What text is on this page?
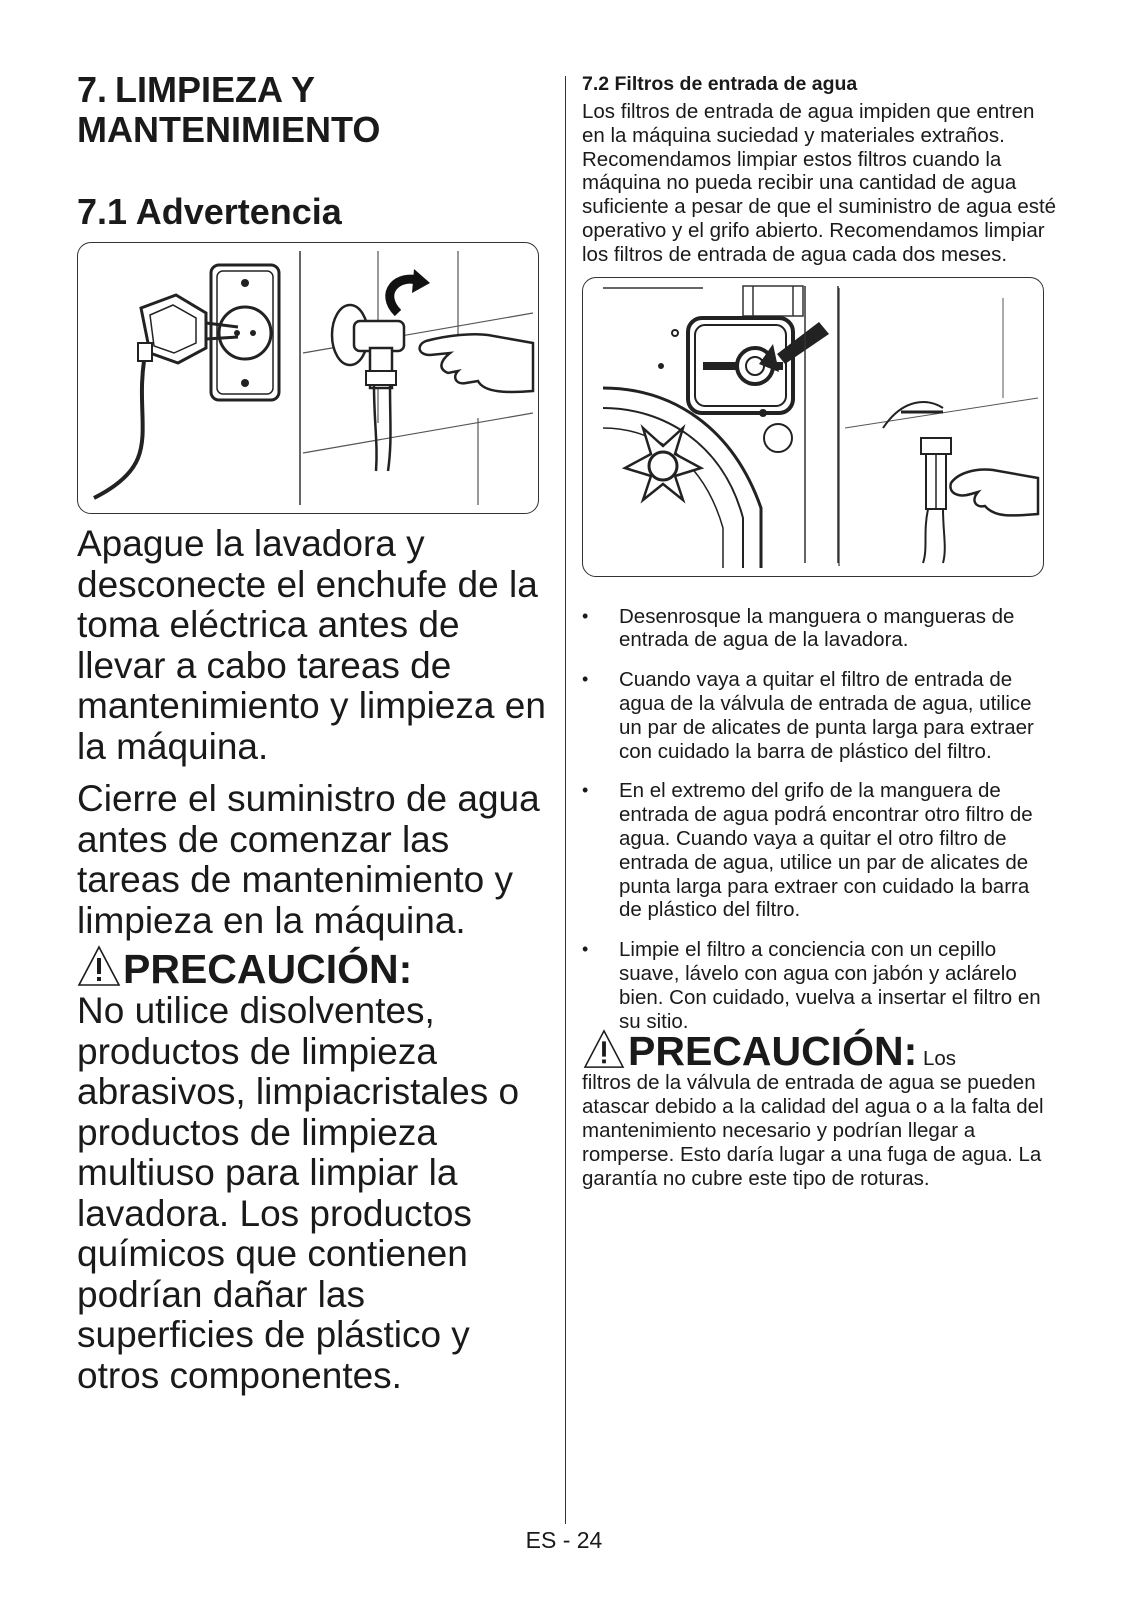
7. LIMPIEZA Y
MANTENIMIENTO
7.1 Advertencia

Apague la lavadora y desconecte el enchufe de la toma eléctrica antes de llevar a cabo tareas de mantenimiento y limpieza en la máquina.

Cierre el suministro de agua antes de comenzar las tareas de mantenimiento y limpieza en la máquina.

PRECAUCIÓN:

No utilice disolventes, productos de limpieza abrasivos, limpiacristales o productos de limpieza multiuso para limpiar la lavadora. Los productos químicos que contienen podrían dañar las superficies de plástico y otros componentes.

7.2 Filtros de entrada de agua

Los filtros de entrada de agua impiden que entren en la máquina suciedad y materiales extraños. Recomendamos limpiar estos filtros cuando la máquina no pueda recibir una cantidad de agua suficiente a pesar de que el suministro de agua esté operativo y el grifo abierto. Recomendamos limpiar los filtros de entrada de agua cada dos meses.

• Desenrosque la manguera o mangueras de entrada de agua de la lavadora.
• Cuando vaya a quitar el filtro de entrada de agua de la válvula de entrada de agua, utilice un par de alicates de punta larga para extraer con cuidado la barra de plástico del filtro.
• En el extremo del grifo de la manguera de entrada de agua podrá encontrar otro filtro de agua. Cuando vaya a quitar el otro filtro de entrada de agua, utilice un par de alicates de punta larga para extraer con cuidado la barra de plástico del filtro.
• Limpie el filtro a conciencia con un cepillo suave, lávelo con agua con jabón y aclárelo bien. Con cuidado, vuelva a insertar el filtro en su sitio.

PRECAUCIÓN: Los
filtros de la válvula de entrada de agua se pueden atascar debido a la calidad del agua o a la falta del mantenimiento necesario y podrían llegar a romperse. Esto daría lugar a una fuga de agua. La garantía no cubre este tipo de roturas.

ES - 24
